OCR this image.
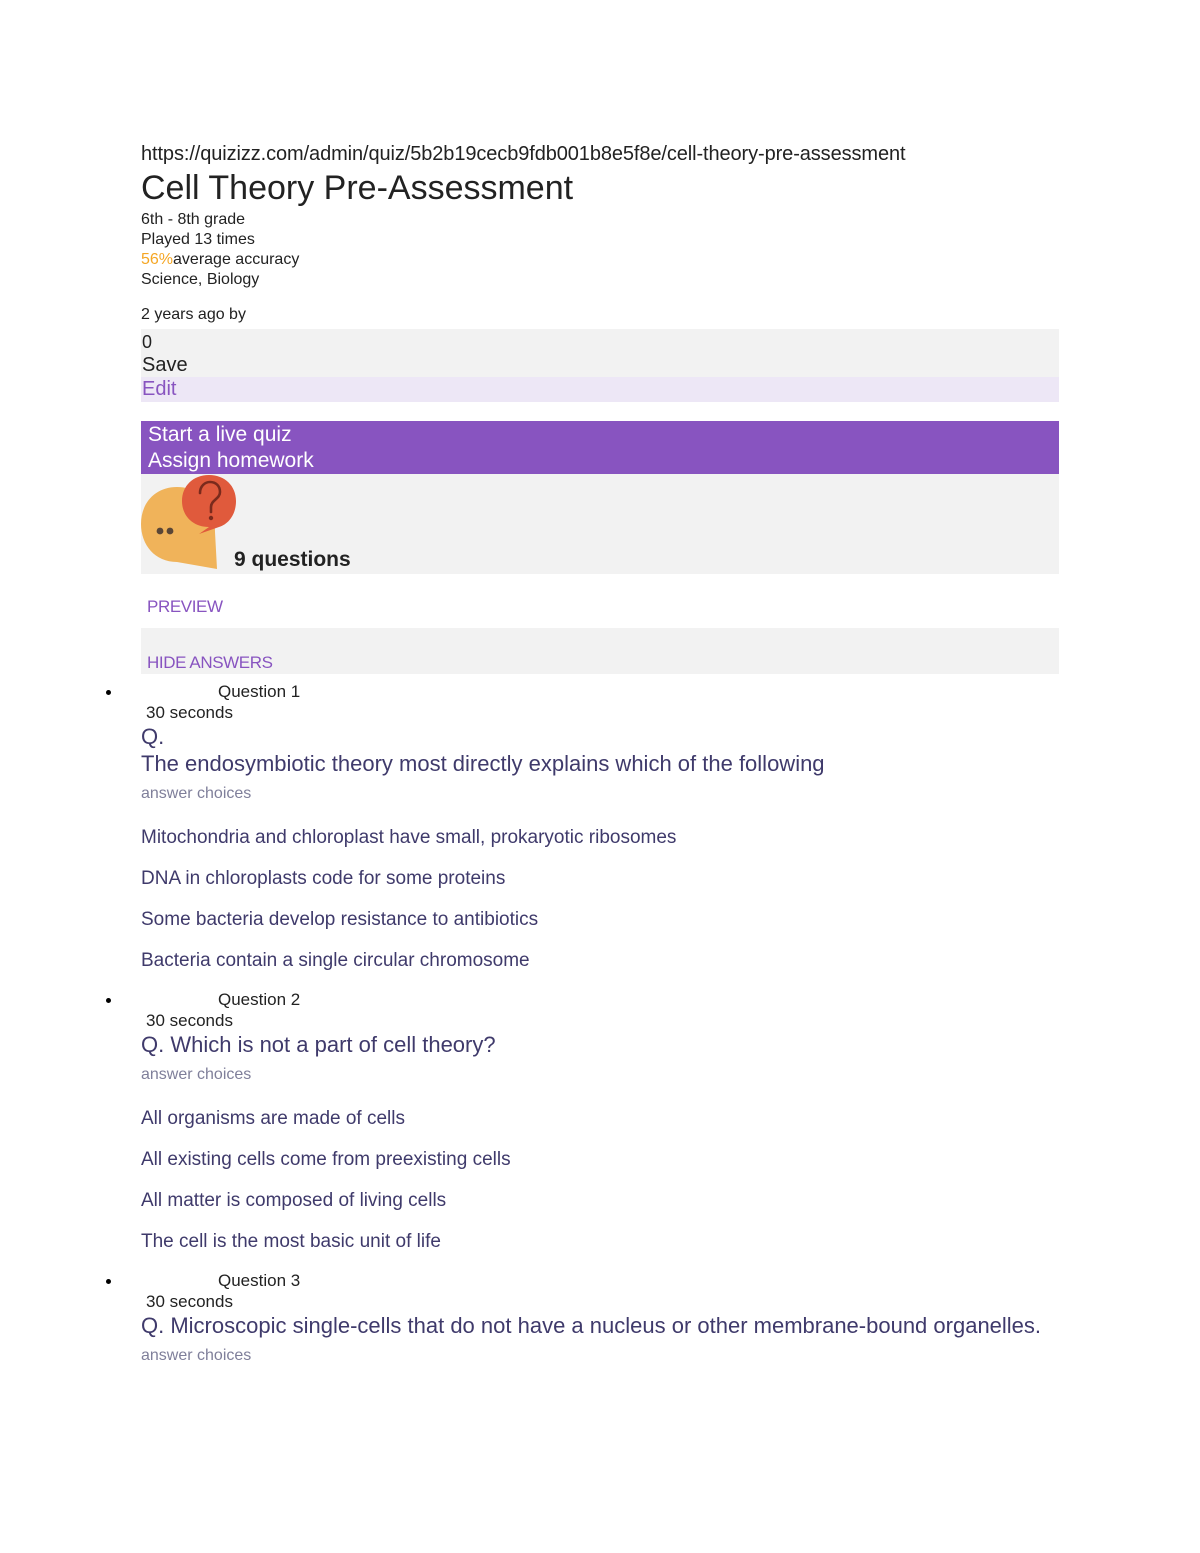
https://quizizz.com/admin/quiz/5b2b19cecb9fdb001b8e5f8e/cell-theory-pre-assessment
Cell Theory Pre-Assessment
6th - 8th grade
Played 13 times
56%average accuracy
Science, Biology
2 years ago by
0
Save
Edit
Start a live quiz
Assign homework
9 questions
PREVIEW
HIDE ANSWERS
Question 1
30 seconds
Q.
The endosymbiotic theory most directly explains which of the following
answer choices
Mitochondria and chloroplast have small, prokaryotic ribosomes
DNA in chloroplasts code for some proteins
Some bacteria develop resistance to antibiotics
Bacteria contain a single circular chromosome
Question 2
30 seconds
Q. Which is not a part of cell theory?
answer choices
All organisms are made of cells
All existing cells come from preexisting cells
All matter is composed of living cells
The cell is the most basic unit of life
Question 3
30 seconds
Q. Microscopic single-cells that do not have a nucleus or other membrane-bound organelles.
answer choices
